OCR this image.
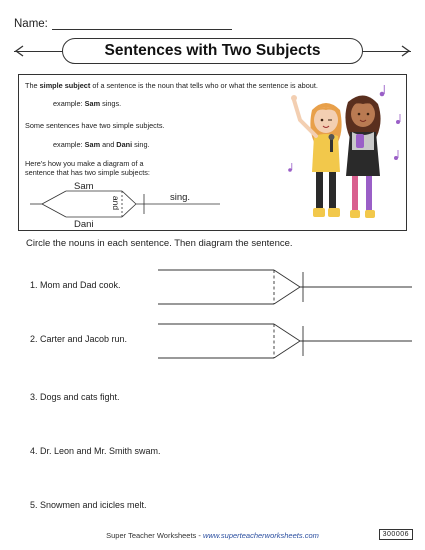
Name:
Sentences with Two Subjects
The simple subject of a sentence is the noun that tells who or what the sentence is about.
example: Sam sings.
Some sentences have two simple subjects.
example: Sam and Dani sing.
Here's how you make a diagram of a
sentence that has two simple subjects:
Sam
Dani
and	sing.
Circle the nouns in each sentence. Then diagram the sentence.
1. Mom and Dad cook.
2. Carter and Jacob run.
3. Dogs and cats fight.
4. Dr. Leon and Mr. Smith swam.
5. Snowmen and icicles melt.
Super Teacher Worksheets - www.superteacherworksheets.com	300006
